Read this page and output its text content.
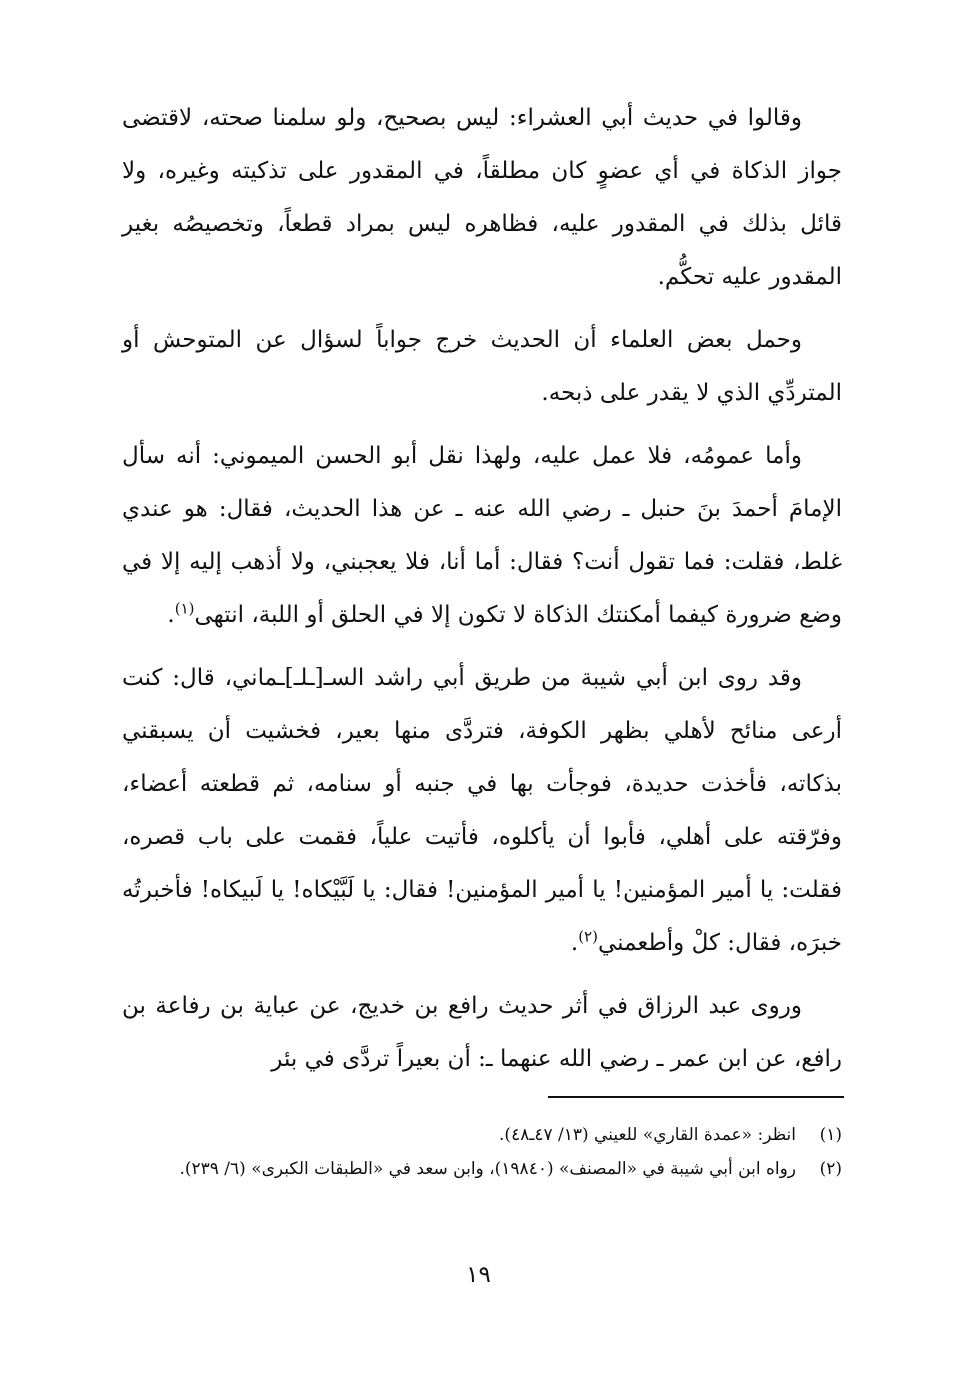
وقالوا في حديث أبي العشراء: ليس بصحيح، ولو سلمنا صحته، لاقتضى جواز الذكاة في أي عضوٍ كان مطلقاً، في المقدور على تذكيته وغيره، ولا قائل بذلك في المقدور عليه، فظاهره ليس بمراد قطعاً، وتخصيصُه بغير المقدور عليه تحكُّم.

وحمل بعض العلماء أن الحديث خرج جواباً لسؤال عن المتوحش أو المتردِّي الذي لا يقدر على ذبحه.

وأما عمومُه، فلا عمل عليه، ولهذا نقل أبو الحسن الميموني: أنه سأل الإمامَ أحمدَ بنَ حنبل ـ رضي الله عنه ـ عن هذا الحديث، فقال: هو عندي غلط، فقلت: فما تقول أنت؟ فقال: أما أنا، فلا يعجبني، ولا أذهب إليه إلا في وضع ضرورة كيفما أمكنتك الذكاة لا تكون إلا في الحلق أو اللبة، انتهى$^{(١)}$.

وقد روى ابن أبي شيبة من طريق أبي راشد السـ[ـلـ]ـماني، قال: كنت أرعى منائح لأهلي بظهر الكوفة، فتردَّى منها بعير، فخشيت أن يسبقني بذكاته، فأخذت حديدة، فوجأت بها في جنبه أو سنامه، ثم قطعته أعضاء، وفرّقته على أهلي، فأبوا أن يأكلوه، فأتيت علياً، فقمت على باب قصره، فقلت: يا أمير المؤمنين! يا أمير المؤمنين! فقال: يا لَبَّيْكاه! يا لَبيكاه! فأخبرتُه خبرَه، فقال: كلْ وأطعمني$^{(٢)}$.

وروى عبد الرزاق في أثر حديث رافع بن خديج، عن عباية بن رفاعة بن رافع، عن ابن عمر ـ رضي الله عنهما ـ: أن بعيراً تردَّى في بئر

(١)
انظر: «عمدة القاري» للعيني (١٣/ ٤٧ـ٤٨).
(٢)
رواه ابن أبي شيبة في «المصنف» (١٩٨٤٠)، وابن سعد في «الطبقات الكبرى» (٦/ ٢٣٩).
١٩
